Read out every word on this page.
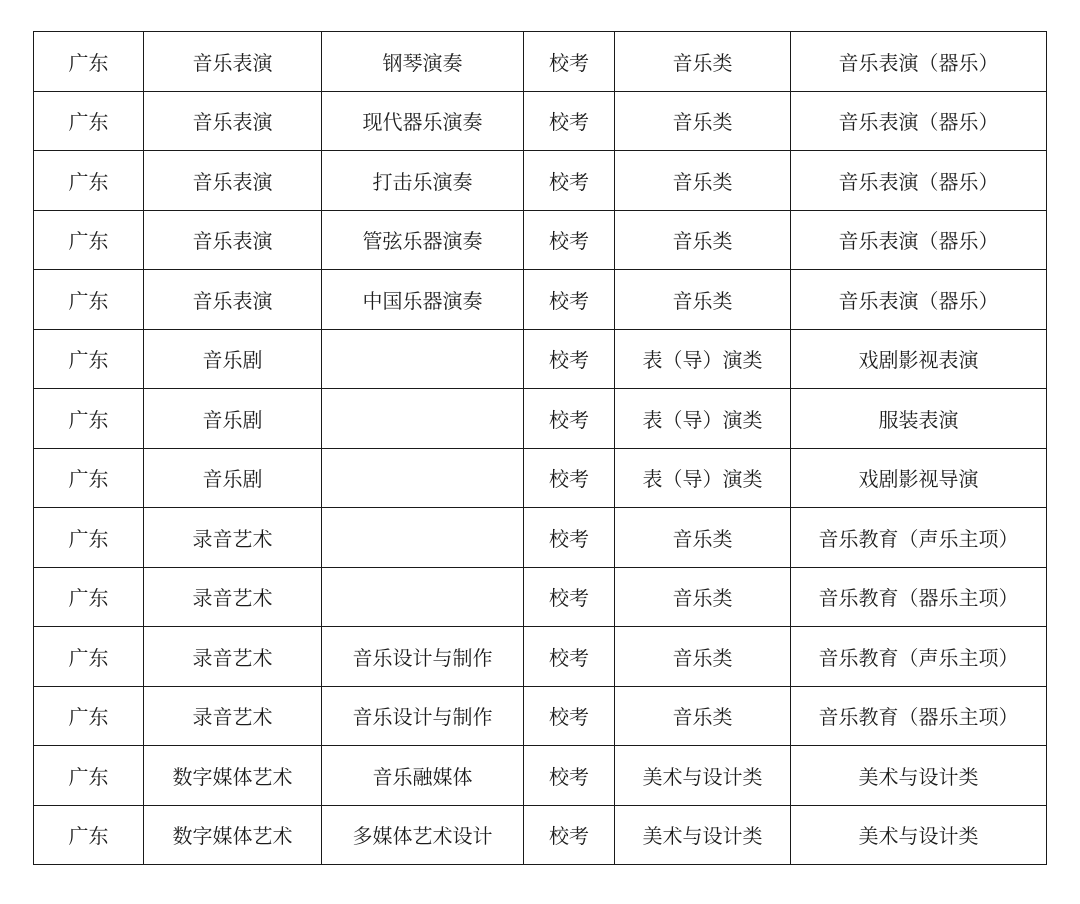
广东	音乐表演	钢琴演奏	校考	音乐类	音乐表演（器乐）
广东	音乐表演	现代器乐演奏	校考	音乐类	音乐表演（器乐）
广东	音乐表演	打击乐演奏	校考	音乐类	音乐表演（器乐）
广东	音乐表演	管弦乐器演奏	校考	音乐类	音乐表演（器乐）
广东	音乐表演	中国乐器演奏	校考	音乐类	音乐表演（器乐）
广东	音乐剧		校考	表（导）演类	戏剧影视表演
广东	音乐剧		校考	表（导）演类	服装表演
广东	音乐剧		校考	表（导）演类	戏剧影视导演
广东	录音艺术		校考	音乐类	音乐教育（声乐主项）
广东	录音艺术		校考	音乐类	音乐教育（器乐主项）
广东	录音艺术	音乐设计与制作	校考	音乐类	音乐教育（声乐主项）
广东	录音艺术	音乐设计与制作	校考	音乐类	音乐教育（器乐主项）
广东	数字媒体艺术	音乐融媒体	校考	美术与设计类	美术与设计类
广东	数字媒体艺术	多媒体艺术设计	校考	美术与设计类	美术与设计类
